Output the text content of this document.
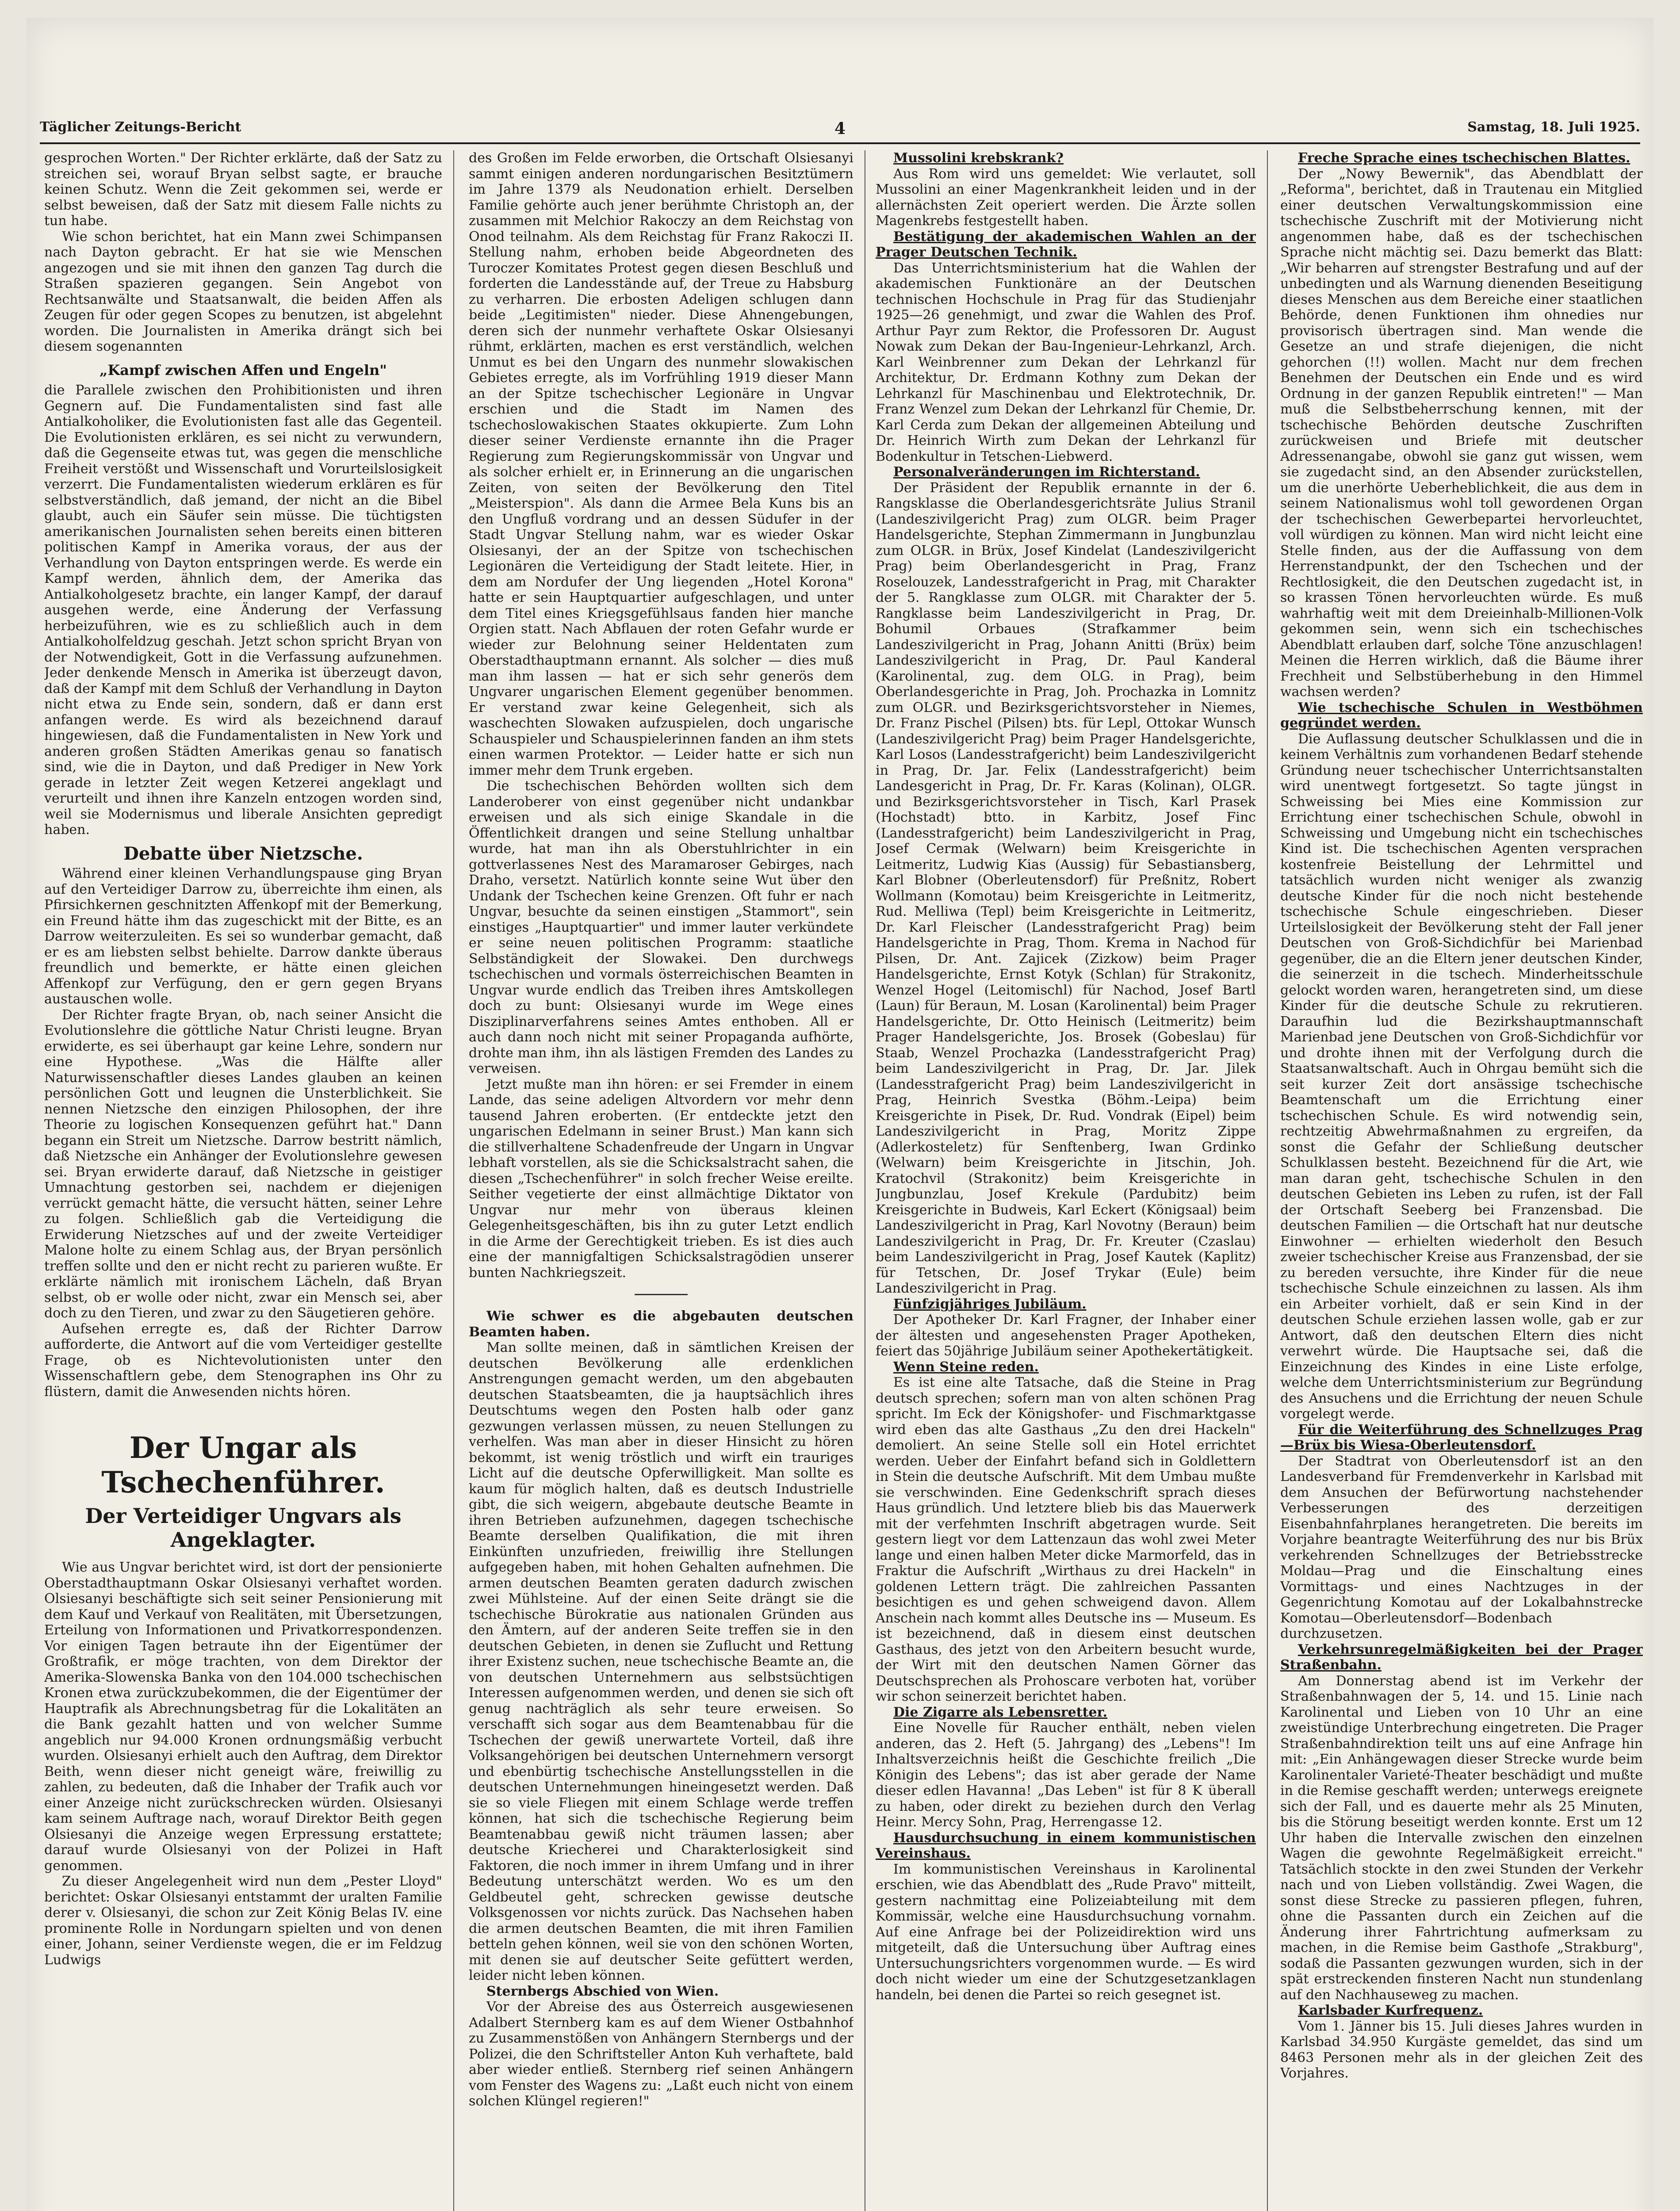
Täglicher Zeitungs-Bericht	4	Samstag, 18. Juli 1925.

gesprochen Worten." Der Richter erklärte, daß der Satz zu streichen sei, worauf Bryan selbst sagte, er brauche keinen Schutz. Wenn die Zeit gekommen sei, werde er selbst beweisen, daß der Satz mit diesem Falle nichts zu tun habe.

Wie schon berichtet, hat ein Mann zwei Schimpansen nach Dayton gebracht. Er hat sie wie Menschen angezogen und sie mit ihnen den ganzen Tag durch die Straßen spazieren gegangen. Sein Angebot von Rechtsanwälte und Staatsanwalt, die beiden Affen als Zeugen für oder gegen Scopes zu benutzen, ist abgelehnt worden. Die Journalisten in Amerika drängt sich bei diesem sogenannten

„Kampf zwischen Affen und Engeln"

die Parallele zwischen den Prohibitionisten und ihren Gegnern auf. Die Fundamentalisten sind fast alle Antialkoholiker, die Evolutionisten fast alle das Gegenteil. Die Evolutionisten erklären, es sei nicht zu verwundern, daß die Gegenseite etwas tut, was gegen die menschliche Freiheit verstößt und Wissenschaft und Vorurteilslosigkeit verzerrt. Die Fundamentalisten wiederum erklären es für selbstverständlich, daß jemand, der nicht an die Bibel glaubt, auch ein Säufer sein müsse. Die tüchtigsten amerikanischen Journalisten sehen bereits einen bitteren politischen Kampf in Amerika voraus, der aus der Verhandlung von Dayton entspringen werde. Es werde ein Kampf werden, ähnlich dem, der Amerika das Antialkoholgesetz brachte, ein langer Kampf, der darauf ausgehen werde, eine Änderung der Verfassung herbeizuführen, wie es zu schließlich auch in dem Antialkoholfeldzug geschah. Jetzt schon spricht Bryan von der Notwendigkeit, Gott in die Verfassung aufzunehmen. Jeder denkende Mensch in Amerika ist überzeugt davon, daß der Kampf mit dem Schluß der Verhandlung in Dayton nicht etwa zu Ende sein, sondern, daß er dann erst anfangen werde. Es wird als bezeichnend darauf hingewiesen, daß die Fundamentalisten in New York und anderen großen Städten Amerikas genau so fanatisch sind, wie die in Dayton, und daß Prediger in New York gerade in letzter Zeit wegen Ketzerei angeklagt und verurteilt und ihnen ihre Kanzeln entzogen worden sind, weil sie Modernismus und liberale Ansichten gepredigt haben.

Debatte über Nietzsche.

Während einer kleinen Verhandlungspause ging Bryan auf den Verteidiger Darrow zu, überreichte ihm einen, als Pfirsichkernen geschnitzten Affenkopf mit der Bemerkung, ein Freund hätte ihm das zugeschickt mit der Bitte, es an Darrow weiterzuleiten. Es sei so wunderbar gemacht, daß er es am liebsten selbst behielte. Darrow dankte überaus freundlich und bemerkte, er hätte einen gleichen Affenkopf zur Verfügung, den er gern gegen Bryans austauschen wolle.

Der Richter fragte Bryan, ob, nach seiner Ansicht die Evolutionslehre die göttliche Natur Christi leugne. Bryan erwiderte, es sei überhaupt gar keine Lehre, sondern nur eine Hypothese. „Was die Hälfte aller Naturwissenschaftler dieses Landes glauben an keinen persönlichen Gott und leugnen die Unsterblichkeit. Sie nennen Nietzsche den einzigen Philosophen, der ihre Theorie zu logischen Konsequenzen geführt hat." Dann begann ein Streit um Nietzsche. Darrow bestritt nämlich, daß Nietzsche ein Anhänger der Evolutionslehre gewesen sei. Bryan erwiderte darauf, daß Nietzsche in geistiger Umnachtung gestorben sei, nachdem er diejenigen verrückt gemacht hätte, die versucht hätten, seiner Lehre zu folgen. Schließlich gab die Verteidigung die Erwiderung Nietzsches auf und der zweite Verteidiger Malone holte zu einem Schlag aus, der Bryan persönlich treffen sollte und den er nicht recht zu parieren wußte. Er erklärte nämlich mit ironischem Lächeln, daß Bryan selbst, ob er wolle oder nicht, zwar ein Mensch sei, aber doch zu den Tieren, und zwar zu den Säugetieren gehöre.

Aufsehen erregte es, daß der Richter Darrow aufforderte, die Antwort auf die vom Verteidiger gestellte Frage, ob es Nichtevolutionisten unter den Wissenschaftlern gebe, dem Stenographen ins Ohr zu flüstern, damit die Anwesenden nichts hören.

Der Ungar als Tschechenführer.
Der Verteidiger Ungvars als Angeklagter.

Wie aus Ungvar berichtet wird, ist dort der pensionierte Oberstadthauptmann Oskar Olsiesanyi verhaftet worden. Olsiesanyi beschäftigte sich seit seiner Pensionierung mit dem Kauf und Verkauf von Realitäten, mit Übersetzungen, Erteilung von Informationen und Privatkorrespondenzen. Vor einigen Tagen betraute ihn der Eigentümer der Großtrafik, er möge trachten, von dem Direktor der Amerika-Slowenska Banka von den 104.000 tschechischen Kronen etwa zurückzubekommen, die der Eigentümer der Hauptrafik als Abrechnungsbetrag für die Lokalitäten an die Bank gezahlt hatten und von welcher Summe angeblich nur 94.000 Kronen ordnungsmäßig verbucht wurden. Olsiesanyi erhielt auch den Auftrag, dem Direktor Beith, wenn dieser nicht geneigt wäre, freiwillig zu zahlen, zu bedeuten, daß die Inhaber der Trafik auch vor einer Anzeige nicht zurückschrecken würden. Olsiesanyi kam seinem Auftrage nach, worauf Direktor Beith gegen Olsiesanyi die Anzeige wegen Erpressung erstattete; darauf wurde Olsiesanyi von der Polizei in Haft genommen.

Zu dieser Angelegenheit wird nun dem „Pester Lloyd" berichtet: Oskar Olsiesanyi entstammt der uralten Familie derer v. Olsiesanyi, die schon zur Zeit König Belas IV. eine prominente Rolle in Nordungarn spielten und von denen einer, Johann, seiner Verdienste wegen, die er im Feldzug Ludwigs

des Großen im Felde erworben, die Ortschaft Olsiesanyi sammt einigen anderen nordungarischen Besitztümern im Jahre 1379 als Neudonation erhielt. Derselben Familie gehörte auch jener berühmte Christoph an, der zusammen mit Melchior Rakoczy an dem Reichstag von Onod teilnahm. Als dem Reichstag für Franz Rakoczi II. Stellung nahm, erhoben beide Abgeordneten des Turoczer Komitates Protest gegen diesen Beschluß und forderten die Landesstände auf, der Treue zu Habsburg zu verharren. Die erbosten Adeligen schlugen dann beide „Legitimisten" nieder. Diese Ahnengebungen, deren sich der nunmehr verhaftete Oskar Olsiesanyi rühmt, erklärten, machen es erst verständlich, welchen Unmut es bei den Ungarn des nunmehr slowakischen Gebietes erregte, als im Vorfrühling 1919 dieser Mann an der Spitze tschechischer Legionäre in Ungvar erschien und die Stadt im Namen des tschechoslowakischen Staates okkupierte. Zum Lohn dieser seiner Verdienste ernannte ihn die Prager Regierung zum Regierungskommissär von Ungvar und als solcher erhielt er, in Erinnerung an die ungarischen Zeiten, von seiten der Bevölkerung den Titel „Meisterspion". Als dann die Armee Bela Kuns bis an den Ungfluß vordrang und an dessen Südufer in der Stadt Ungvar Stellung nahm, war es wieder Oskar Olsiesanyi, der an der Spitze von tschechischen Legionären die Verteidigung der Stadt leitete. Hier, in dem am Nordufer der Ung liegenden „Hotel Korona" hatte er sein Hauptquartier aufgeschlagen, und unter dem Titel eines Kriegsgefühlsaus fanden hier manche Orgien statt. Nach Abflauen der roten Gefahr wurde er wieder zur Belohnung seiner Heldentaten zum Oberstadthauptmann ernannt. Als solcher — dies muß man ihm lassen — hat er sich sehr generös dem Ungvarer ungarischen Element gegenüber benommen. Er verstand zwar keine Gelegenheit, sich als waschechten Slowaken aufzuspielen, doch ungarische Schauspieler und Schauspielerinnen fanden an ihm stets einen warmen Protektor. — Leider hatte er sich nun immer mehr dem Trunk ergeben.

Die tschechischen Behörden wollten sich dem Landeroberer von einst gegenüber nicht undankbar erweisen und als sich einige Skandale in die Öffentlichkeit drangen und seine Stellung unhaltbar wurde, hat man ihn als Oberstuhlrichter in ein gottverlassenes Nest des Maramaroser Gebirges, nach Draho, versetzt. Natürlich konnte seine Wut über den Undank der Tschechen keine Grenzen. Oft fuhr er nach Ungvar, besuchte da seinen einstigen „Stammort", sein einstiges „Hauptquartier" und immer lauter verkündete er seine neuen politischen Programm: staatliche Selbständigkeit der Slowakei. Den durchwegs tschechischen und vormals österreichischen Beamten in Ungvar wurde endlich das Treiben ihres Amtskollegen doch zu bunt: Olsiesanyi wurde im Wege eines Disziplinarverfahrens seines Amtes enthoben. All er auch dann noch nicht mit seiner Propaganda aufhörte, drohte man ihm, ihn als lästigen Fremden des Landes zu verweisen.

Jetzt mußte man ihn hören: er sei Fremder in einem Lande, das seine adeligen Altvordern vor mehr denn tausend Jahren eroberten. (Er entdeckte jetzt den ungarischen Edelmann in seiner Brust.) Man kann sich die stillverhaltene Schadenfreude der Ungarn in Ungvar lebhaft vorstellen, als sie die Schicksalstracht sahen, die diesen „Tschechenführer" in solch frecher Weise ereilte. Seither vegetierte der einst allmächtige Diktator von Ungvar nur mehr von überaus kleinen Gelegenheitsgeschäften, bis ihn zu guter Letzt endlich in die Arme der Gerechtigkeit trieben. Es ist dies auch eine der mannigfaltigen Schicksalstragödien unserer bunten Nachkriegszeit.

Wie schwer es die abgebauten deutschen Beamten haben.

Man sollte meinen, daß in sämtlichen Kreisen der deutschen Bevölkerung alle erdenklichen Anstrengungen gemacht werden, um den abgebauten deutschen Staatsbeamten, die ja hauptsächlich ihres Deutschtums wegen den Posten halb oder ganz gezwungen verlassen müssen, zu neuen Stellungen zu verhelfen. Was man aber in dieser Hinsicht zu hören bekommt, ist wenig tröstlich und wirft ein trauriges Licht auf die deutsche Opferwilligkeit. Man sollte es kaum für möglich halten, daß es deutsch Industrielle gibt, die sich weigern, abgebaute deutsche Beamte in ihren Betrieben aufzunehmen, dagegen tschechische Beamte derselben Qualifikation, die mit ihren Einkünften unzufrieden, freiwillig ihre Stellungen aufgegeben haben, mit hohen Gehalten aufnehmen. Die armen deutschen Beamten geraten dadurch zwischen zwei Mühlsteine. Auf der einen Seite drängt sie die tschechische Bürokratie aus nationalen Gründen aus den Ämtern, auf der anderen Seite treffen sie in den deutschen Gebieten, in denen sie Zuflucht und Rettung ihrer Existenz suchen, neue tschechische Beamte an, die von deutschen Unternehmern aus selbstsüchtigen Interessen aufgenommen werden, und denen sie sich oft genug nachträglich als sehr teure erweisen. So verschafft sich sogar aus dem Beamtenabbau für die Tschechen der gewiß unerwartete Vorteil, daß ihre Volksangehörigen bei deutschen Unternehmern versorgt und ebenbürtig tschechische Anstellungsstellen in die deutschen Unternehmungen hineingesetzt werden. Daß sie so viele Fliegen mit einem Schlage werde treffen können, hat sich die tschechische Regierung beim Beamtenabbau gewiß nicht träumen lassen; aber deutsche Kriecherei und Charakterlosigkeit sind Faktoren, die noch immer in ihrem Umfang und in ihrer Bedeutung unterschätzt werden. Wo es um den Geldbeutel geht, schrecken gewisse deutsche Volksgenossen vor nichts zurück. Das Nachsehen haben die armen deutschen Beamten, die mit ihren Familien betteln gehen können, weil sie von den schönen Worten, mit denen sie auf deutscher Seite gefüttert werden, leider nicht leben können.

Sternbergs Abschied von Wien.

Vor der Abreise des aus Österreich ausgewiesenen Adalbert Sternberg kam es auf dem Wiener Ostbahnhof zu Zusammenstößen von Anhängern Sternbergs und der Polizei, die den Schriftsteller Anton Kuh verhaftete, bald aber wieder entließ. Sternberg rief seinen Anhängern vom Fenster des Wagens zu: „Laßt euch nicht von einem solchen Klüngel regieren!"

Mussolini krebskrank?

Aus Rom wird uns gemeldet: Wie verlautet, soll Mussolini an einer Magenkrankheit leiden und in der allernächsten Zeit operiert werden. Die Ärzte sollen Magenkrebs festgestellt haben.

Bestätigung der akademischen Wahlen an der Prager Deutschen Technik.

Das Unterrichtsministerium hat die Wahlen der akademischen Funktionäre an der Deutschen technischen Hochschule in Prag für das Studienjahr 1925—26 genehmigt, und zwar die Wahlen des Prof. Arthur Payr zum Rektor, die Professoren Dr. August Nowak zum Dekan der Bau-Ingenieur-Lehrkanzl, Arch. Karl Weinbrenner zum Dekan der Lehrkanzl für Architektur, Dr. Erdmann Kothny zum Dekan der Lehrkanzl für Maschinenbau und Elektrotechnik, Dr. Franz Wenzel zum Dekan der Lehrkanzl für Chemie, Dr. Karl Cerda zum Dekan der allgemeinen Abteilung und Dr. Heinrich Wirth zum Dekan der Lehrkanzl für Bodenkultur in Tetschen-Liebwerd.

Personalveränderungen im Richterstand.

Der Präsident der Republik ernannte in der 6. Rangsklasse die Oberlandesgerichtsräte Julius Stranil (Landeszivilgericht Prag) zum OLGR. beim Prager Handelsgerichte, Stephan Zimmermann in Jungbunzlau zum OLGR. in Brüx, Josef Kindelat (Landeszivilgericht Prag) beim Oberlandesgericht in Prag, Franz Roselouzek, Landesstrafgericht in Prag, mit Charakter der 5. Rangklasse zum OLGR. mit Charakter der 5. Rangklasse beim Landeszivilgericht in Prag, Dr. Bohumil Orbaues (Strafkammer beim Landeszivilgericht in Prag, Johann Anitti (Brüx) beim Landeszivilgericht in Prag, Dr. Paul Kanderal (Karolinental, zug. dem OLG. in Prag), beim Oberlandesgerichte in Prag, Joh. Prochazka in Lomnitz zum OLGR. und Bezirksgerichtsvorsteher in Niemes, Dr. Franz Pischel (Pilsen) bts. für Lepl, Ottokar Wunsch (Landeszivilgericht Prag) beim Prager Handelsgerichte, Karl Losos (Landesstrafgericht) beim Landeszivilgericht in Prag, Dr. Jar. Felix (Landesstrafgericht) beim Landesgericht in Prag, Dr. Fr. Karas (Kolinan), OLGR. und Bezirksgerichtsvorsteher in Tisch, Karl Prasek (Hochstadt) btto. in Karbitz, Josef Finc (Landesstrafgericht) beim Landeszivilgericht in Prag, Josef Cermak (Welwarn) beim Kreisgerichte in Leitmeritz, Ludwig Kias (Aussig) für Sebastiansberg, Karl Blobner (Oberleutensdorf) für Preßnitz, Robert Wollmann (Komotau) beim Kreisgerichte in Leitmeritz, Rud. Melliwa (Tepl) beim Kreisgerichte in Leitmeritz, Dr. Karl Fleischer (Landesstrafgericht Prag) beim Handelsgerichte in Prag, Thom. Krema in Nachod für Pilsen, Dr. Ant. Zajicek (Zizkow) beim Prager Handelsgerichte, Ernst Kotyk (Schlan) für Strakonitz, Wenzel Hogel (Leitomischl) für Nachod, Josef Bartl (Laun) für Beraun, M. Losan (Karolinental) beim Prager Handelsgerichte, Dr. Otto Heinisch (Leitmeritz) beim Prager Handelsgerichte, Jos. Brosek (Gobeslau) für Staab, Wenzel Prochazka (Landesstrafgericht Prag) beim Landeszivilgericht in Prag, Dr. Jar. Jilek (Landesstrafgericht Prag) beim Landeszivilgericht in Prag, Heinrich Svestka (Böhm.-Leipa) beim Kreisgerichte in Pisek, Dr. Rud. Vondrak (Eipel) beim Landeszivilgericht in Prag, Moritz Zippe (Adlerkosteletz) für Senftenberg, Iwan Grdinko (Welwarn) beim Kreisgerichte in Jitschin, Joh. Kratochvil (Strakonitz) beim Kreisgerichte in Jungbunzlau, Josef Krekule (Pardubitz) beim Kreisgerichte in Budweis, Karl Eckert (Königsaal) beim Landeszivilgericht in Prag, Karl Novotny (Beraun) beim Landeszivilgericht in Prag, Dr. Fr. Kreuter (Czaslau) beim Landeszivilgericht in Prag, Josef Kautek (Kaplitz) für Tetschen, Dr. Josef Trykar (Eule) beim Landeszivilgericht in Prag.

Fünfzigjähriges Jubiläum.

Der Apotheker Dr. Karl Fragner, der Inhaber einer der ältesten und angesehensten Prager Apotheken, feiert das 50jährige Jubiläum seiner Apothekertätigkeit.

Wenn Steine reden.

Es ist eine alte Tatsache, daß die Steine in Prag deutsch sprechen; sofern man von alten schönen Prag spricht. Im Eck der Königshofer- und Fischmarktgasse wird eben das alte Gasthaus „Zu den drei Hackeln" demoliert. An seine Stelle soll ein Hotel errichtet werden. Ueber der Einfahrt befand sich in Goldlettern in Stein die deutsche Aufschrift. Mit dem Umbau mußte sie verschwinden. Eine Gedenkschrift sprach dieses Haus gründlich. Und letztere blieb bis das Mauerwerk mit der verfehmten Inschrift abgetragen wurde. Seit gestern liegt vor dem Lattenzaun das wohl zwei Meter lange und einen halben Meter dicke Marmorfeld, das in Fraktur die Aufschrift „Wirthaus zu drei Hackeln" in goldenen Lettern trägt. Die zahlreichen Passanten besichtigen es und gehen schweigend davon. Allem Anschein nach kommt alles Deutsche ins — Museum. Es ist bezeichnend, daß in diesem einst deutschen Gasthaus, des jetzt von den Arbeitern besucht wurde, der Wirt mit den deutschen Namen Görner das Deutschsprechen als Prohoscare verboten hat, vorüber wir schon seinerzeit berichtet haben.

Die Zigarre als Lebensretter.

Eine Novelle für Raucher enthält, neben vielen anderen, das 2. Heft (5. Jahrgang) des „Lebens"! Im Inhaltsverzeichnis heißt die Geschichte freilich „Die Königin des Lebens"; das ist aber gerade der Name dieser edlen Havanna! „Das Leben" ist für 8 K überall zu haben, oder direkt zu beziehen durch den Verlag Heinr. Mercy Sohn, Prag, Herrengasse 12.

Hausdurchsuchung in einem kommunistischen Vereinshaus.

Im kommunistischen Vereinshaus in Karolinental erschien, wie das Abendblatt des „Rude Pravo" mitteilt, gestern nachmittag eine Polizeiabteilung mit dem Kommissär, welche eine Hausdurchsuchung vornahm. Auf eine Anfrage bei der Polizeidirektion wird uns mitgeteilt, daß die Untersuchung über Auftrag eines Untersuchungsrichters vorgenommen wurde. — Es wird doch nicht wieder um eine der Schutzgesetzanklagen handeln, bei denen die Partei so reich gesegnet ist.

Freche Sprache eines tschechischen Blattes.

Der „Nowy Bewernik", das Abendblatt der „Reforma", berichtet, daß in Trautenau ein Mitglied einer deutschen Verwaltungskommission eine tschechische Zuschrift mit der Motivierung nicht angenommen habe, daß es der tschechischen Sprache nicht mächtig sei. Dazu bemerkt das Blatt: „Wir beharren auf strengster Bestrafung und auf der unbedingten und als Warnung dienenden Beseitigung dieses Menschen aus dem Bereiche einer staatlichen Behörde, denen Funktionen ihm ohnedies nur provisorisch übertragen sind. Man wende die Gesetze an und strafe diejenigen, die nicht gehorchen (!!) wollen. Macht nur dem frechen Benehmen der Deutschen ein Ende und es wird Ordnung in der ganzen Republik eintreten!" — Man muß die Selbstbeherrschung kennen, mit der tschechische Behörden deutsche Zuschriften zurückweisen und Briefe mit deutscher Adressenangabe, obwohl sie ganz gut wissen, wem sie zugedacht sind, an den Absender zurückstellen, um die unerhörte Ueberheblichkeit, die aus dem in seinem Nationalismus wohl toll gewordenen Organ der tschechischen Gewerbepartei hervorleuchtet, voll würdigen zu können. Man wird nicht leicht eine Stelle finden, aus der die Auffassung von dem Herrenstandpunkt, der den Tschechen und der Rechtlosigkeit, die den Deutschen zugedacht ist, in so krassen Tönen hervorleuchten würde. Es muß wahrhaftig weit mit dem Dreieinhalb-Millionen-Volk gekommen sein, wenn sich ein tschechisches Abendblatt erlauben darf, solche Töne anzuschlagen! Meinen die Herren wirklich, daß die Bäume ihrer Frechheit und Selbstüberhebung in den Himmel wachsen werden?

Wie tschechische Schulen in Westböhmen gegründet werden.

Die Auflassung deutscher Schulklassen und die in keinem Verhältnis zum vorhandenen Bedarf stehende Gründung neuer tschechischer Unterrichtsanstalten wird unentwegt fortgesetzt. So tagte jüngst in Schweissing bei Mies eine Kommission zur Errichtung einer tschechischen Schule, obwohl in Schweissing und Umgebung nicht ein tschechisches Kind ist. Die tschechischen Agenten versprachen kostenfreie Beistellung der Lehrmittel und tatsächlich wurden nicht weniger als zwanzig deutsche Kinder für die noch nicht bestehende tschechische Schule eingeschrieben. Dieser Urteilslosigkeit der Bevölkerung steht der Fall jener Deutschen von Groß-Sichdichfür bei Marienbad gegenüber, die an die Eltern jener deutschen Kinder, die seinerzeit in die tschech. Minderheitsschule gelockt worden waren, herangetreten sind, um diese Kinder für die deutsche Schule zu rekrutieren. Daraufhin lud die Bezirkshauptmannschaft Marienbad jene Deutschen von Groß-Sichdichfür vor und drohte ihnen mit der Verfolgung durch die Staatsanwaltschaft. Auch in Ohrgau bemüht sich die seit kurzer Zeit dort ansässige tschechische Beamtenschaft um die Errichtung einer tschechischen Schule. Es wird notwendig sein, rechtzeitig Abwehrmaßnahmen zu ergreifen, da sonst die Gefahr der Schließung deutscher Schulklassen besteht. Bezeichnend für die Art, wie man daran geht, tschechische Schulen in den deutschen Gebieten ins Leben zu rufen, ist der Fall der Ortschaft Seeberg bei Franzensbad. Die deutschen Familien — die Ortschaft hat nur deutsche Einwohner — erhielten wiederholt den Besuch zweier tschechischer Kreise aus Franzensbad, der sie zu bereden versuchte, ihre Kinder für die neue tschechische Schule einzeichnen zu lassen. Als ihm ein Arbeiter vorhielt, daß er sein Kind in der deutschen Schule erziehen lassen wolle, gab er zur Antwort, daß den deutschen Eltern dies nicht verwehrt würde. Die Hauptsache sei, daß die Einzeichnung des Kindes in eine Liste erfolge, welche dem Unterrichtsministerium zur Begründung des Ansuchens und die Errichtung der neuen Schule vorgelegt werde.

Für die Weiterführung des Schnellzuges Prag—Brüx bis Wiesa-Oberleutensdorf.

Der Stadtrat von Oberleutensdorf ist an den Landesverband für Fremdenverkehr in Karlsbad mit dem Ansuchen der Befürwortung nachstehender Verbesserungen des derzeitigen Eisenbahnfahrplanes herangetreten. Die bereits im Vorjahre beantragte Weiterführung des nur bis Brüx verkehrenden Schnellzuges der Betriebsstrecke Moldau—Prag und die Einschaltung eines Vormittags- und eines Nachtzuges in der Gegenrichtung Komotau auf der Lokalbahnstrecke Komotau—Oberleutensdorf—Bodenbach durchzusetzen.

Verkehrsunregelmäßigkeiten bei der Prager Straßenbahn.

Am Donnerstag abend ist im Verkehr der Straßenbahnwagen der 5, 14. und 15. Linie nach Karolinental und Lieben von 10 Uhr an eine zweistündige Unterbrechung eingetreten. Die Prager Straßenbahndirektion teilt uns auf eine Anfrage hin mit: „Ein Anhängewagen dieser Strecke wurde beim Karolinentaler Varieté-Theater beschädigt und mußte in die Remise geschafft werden; unterwegs ereignete sich der Fall, und es dauerte mehr als 25 Minuten, bis die Störung beseitigt werden konnte. Erst um 12 Uhr haben die Intervalle zwischen den einzelnen Wagen die gewohnte Regelmäßigkeit erreicht." Tatsächlich stockte in den zwei Stunden der Verkehr nach und von Lieben vollständig. Zwei Wagen, die sonst diese Strecke zu passieren pflegen, fuhren, ohne die Passanten durch ein Zeichen auf die Änderung ihrer Fahrtrichtung aufmerksam zu machen, in die Remise beim Gasthofe „Strakburg", sodaß die Passanten gezwungen wurden, sich in der spät erstreckenden finsteren Nacht nun stundenlang auf den Nachhauseweg zu machen.

Karlsbader Kurfrequenz.

Vom 1. Jänner bis 15. Juli dieses Jahres wurden in Karlsbad 34.950 Kurgäste gemeldet, das sind um 8463 Personen mehr als in der gleichen Zeit des Vorjahres.
